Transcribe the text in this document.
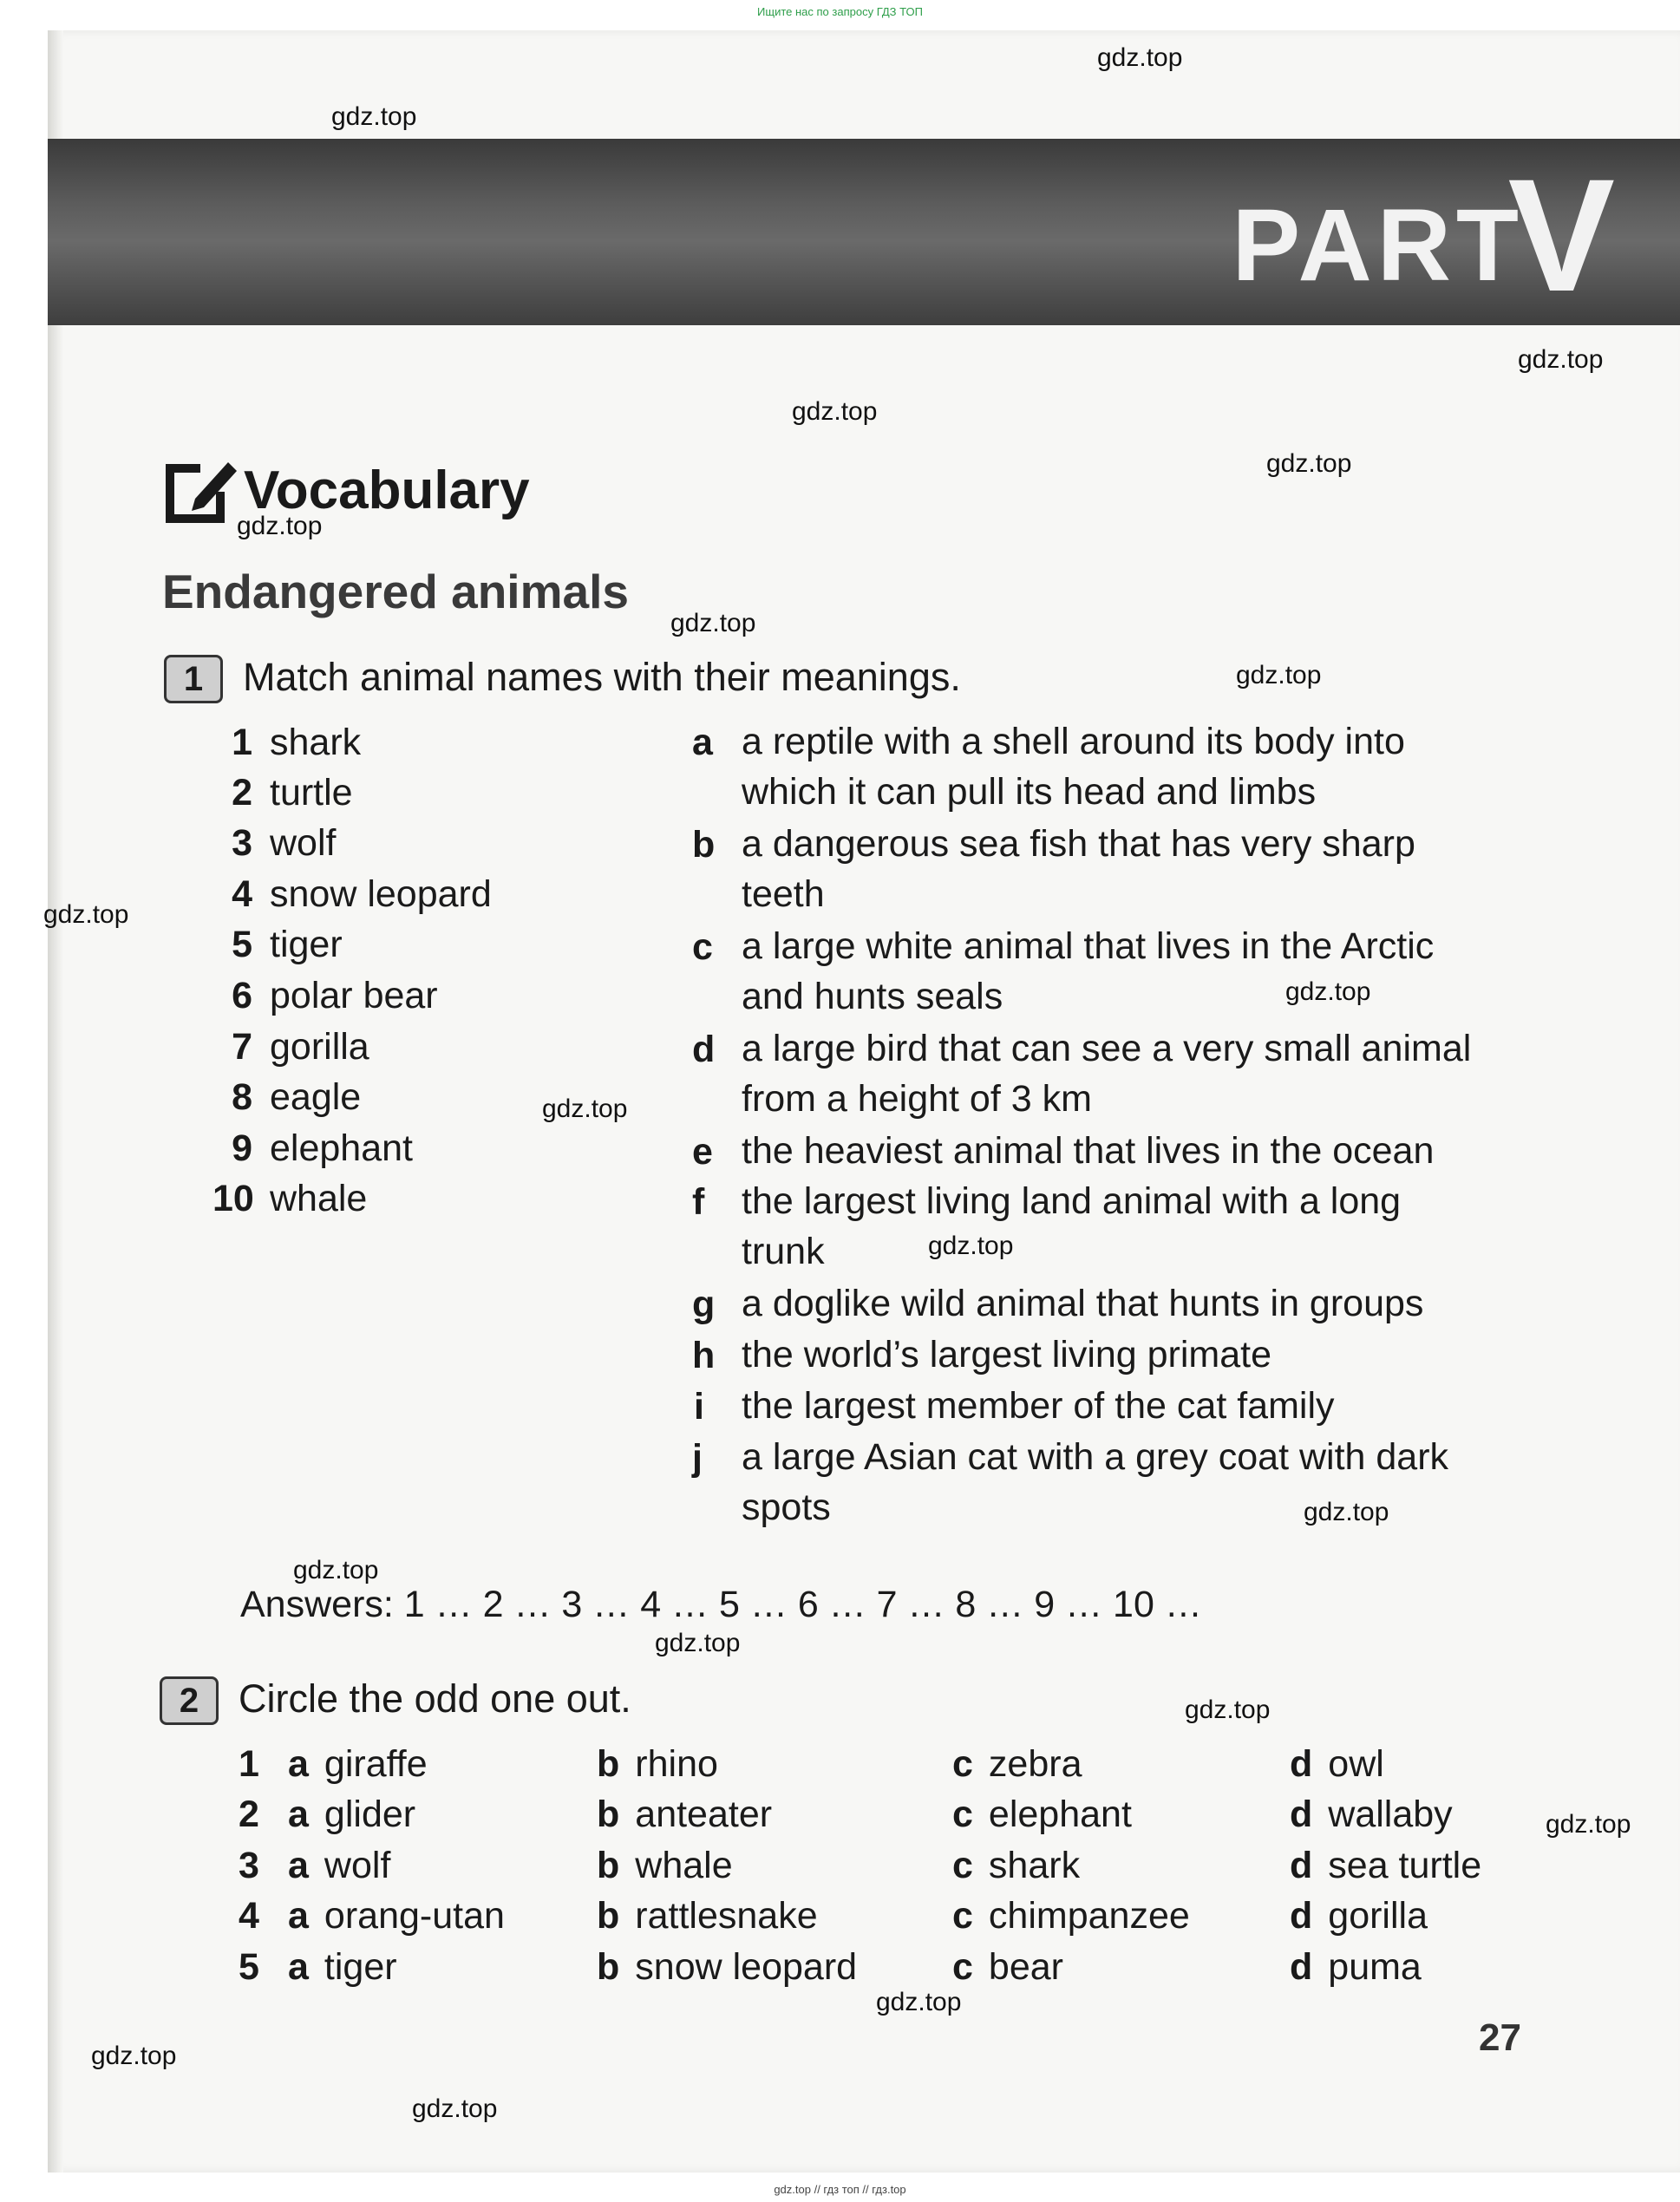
Ищите нас по запросу ГДЗ ТОП
PART
V
Vocabulary
Endangered animals
1	Match animal names with their meanings.
1 shark
2 turtle
3 wolf
4 snow leopard
5 tiger
6 polar bear
7 gorilla
8 eagle
9 elephant
10 whale
a a reptile with a shell around its body into which it can pull its head and limbs
b a dangerous sea fish that has very sharp teeth
c a large white animal that lives in the Arctic and hunts seals
d a large bird that can see a very small animal from a height of 3 km
e the heaviest animal that lives in the ocean
f the largest living land animal with a long trunk
g a doglike wild animal that hunts in groups
h the world’s largest living primate
i the largest member of the cat family
j a large Asian cat with a grey coat with dark spots
Answers: 1 … 2 … 3 … 4 … 5 … 6 … 7 … 8 … 9 … 10 …
2	Circle the odd one out.
1 a giraffe	b rhino	c zebra	d owl
2 a glider	b anteater	c elephant	d wallaby
3 a wolf	b whale	c shark	d sea turtle
4 a orang-utan b rattlesnake	c chimpanzee	d gorilla
5 a tiger	b snow leopard	c bear	d puma
27
gdz.top
gdz.top
gdz.top
gdz.top
gdz.top
gdz.top
gdz.top
gdz.top
gdz.top
gdz.top
gdz.top
gdz.top
gdz.top
gdz.top
gdz.top
gdz.top
gdz.top
gdz.top
gdz.top
gdz.top
gdz.top // гдз топ // гдз.top
